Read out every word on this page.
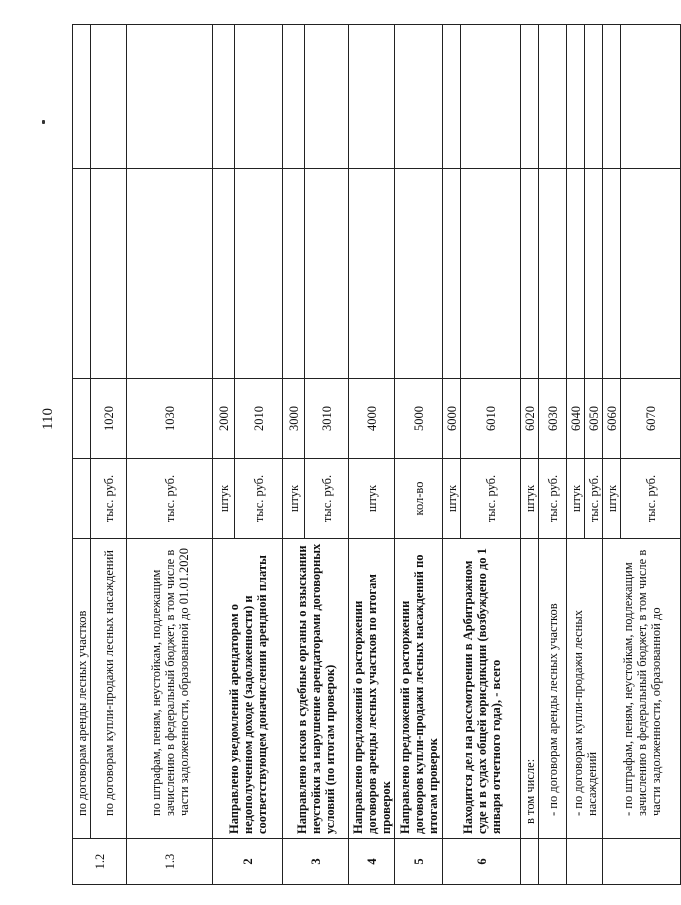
110
1.2	по договорам аренды лесных участков				
	по договорам купли-продажи лесных насаждений	тыс. руб.	1020		
1.3	по штрафам, пеням, неустойкам, подлежащим зачислению в федеральный бюджет, в том числе в части задолженности, образованной до 01.01.2020	тыс. руб.	1030		
2	Направлено уведомлений арендаторам о недополученном доходе (задолженности) и соответствующем доначислении арендной платы	штук	2000		
		тыс. руб.	2010		
3	Направлено исков в судебные органы о взыскании неустойки за нарушение арендаторами договорных условий (по итогам проверок)	штук	3000		
		тыс. руб.	3010		
4	Направлено предложений о расторжении договоров аренды лесных участков по итогам проверок	штук	4000		
5	Направлено предложений о расторжении договоров купли-продажи лесных насаждений по итогам проверок	кол-во	5000		
6	Находится дел на рассмотрении в Арбитражном суде и в судах общей юрисдикции (возбуждено до 1 января отчетного года), - всего	штук	6000		
		тыс. руб.	6010		
	в том числе:	штук	6020		
	- по договорам аренды лесных участков	тыс. руб.	6030		
	- по договорам купли-продажи лесных насаждений	штук	6040		
		тыс. руб.	6050		
	- по штрафам, пеням, неустойкам, подлежащим зачислению в федеральный бюджет, в том числе в части задолженности, образованной до	штук	6060		
		тыс. руб.	6070		
